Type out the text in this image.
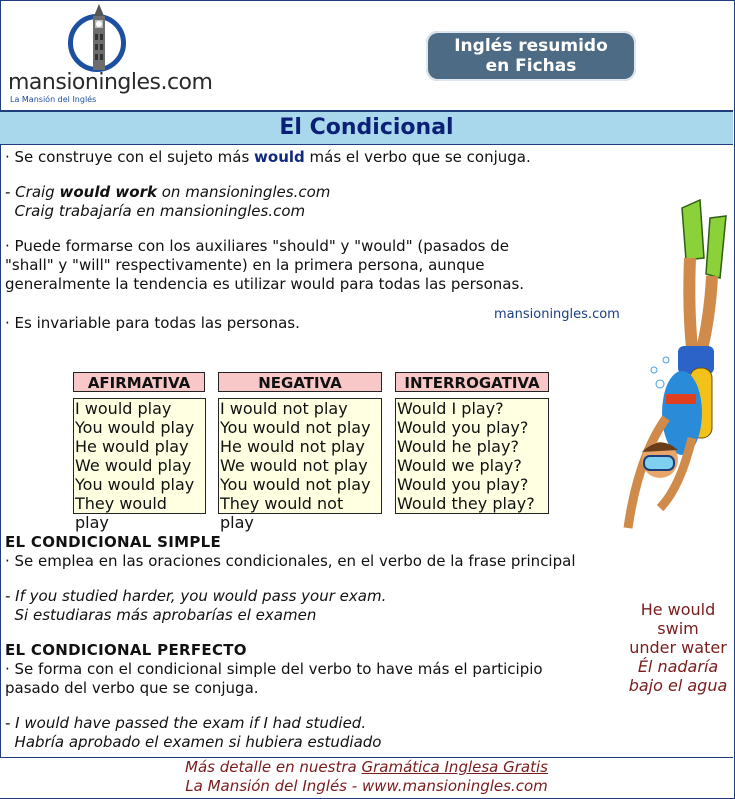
mansioningles.com
La Mansión del Inglés
Inglés resumido
en Fichas
El Condicional
· Se construye con el sujeto más would más el verbo que se conjuga.
- Craig would work on mansioningles.com
Craig trabajaría en mansioningles.com
· Puede formarse con los auxiliares "should" y "would" (pasados de
"shall" y "will" respectivamente) en la primera persona, aunque
generalmente la tendencia es utilizar would para todas las personas.
· Es invariable para todas las personas.	mansioningles.com
AFIRMATIVA
I would play
You would play
He would play
We would play
You would play
They would play
NEGATIVA
I would not play
You would not play
He would not play
We would not play
You would not play
They would not play
INTERROGATIVA
Would I play?
Would you play?
Would he play?
Would we play?
Would you play?
Would they play?
EL CONDICIONAL SIMPLE
· Se emplea en las oraciones condicionales, en el verbo de la frase principal
- If you studied harder, you would pass your exam.
Si estudiaras más aprobarías el examen
EL CONDICIONAL PERFECTO
· Se forma con el condicional simple del verbo to have más el participio
pasado del verbo que se conjuga.
- I would have passed the exam if I had studied.
Habría aprobado el examen si hubiera estudiado
He would
swim
under water
Él nadaría
bajo el agua
Más detalle en nuestra Gramática Inglesa Gratis
La Mansión del Inglés - www.mansioningles.com
